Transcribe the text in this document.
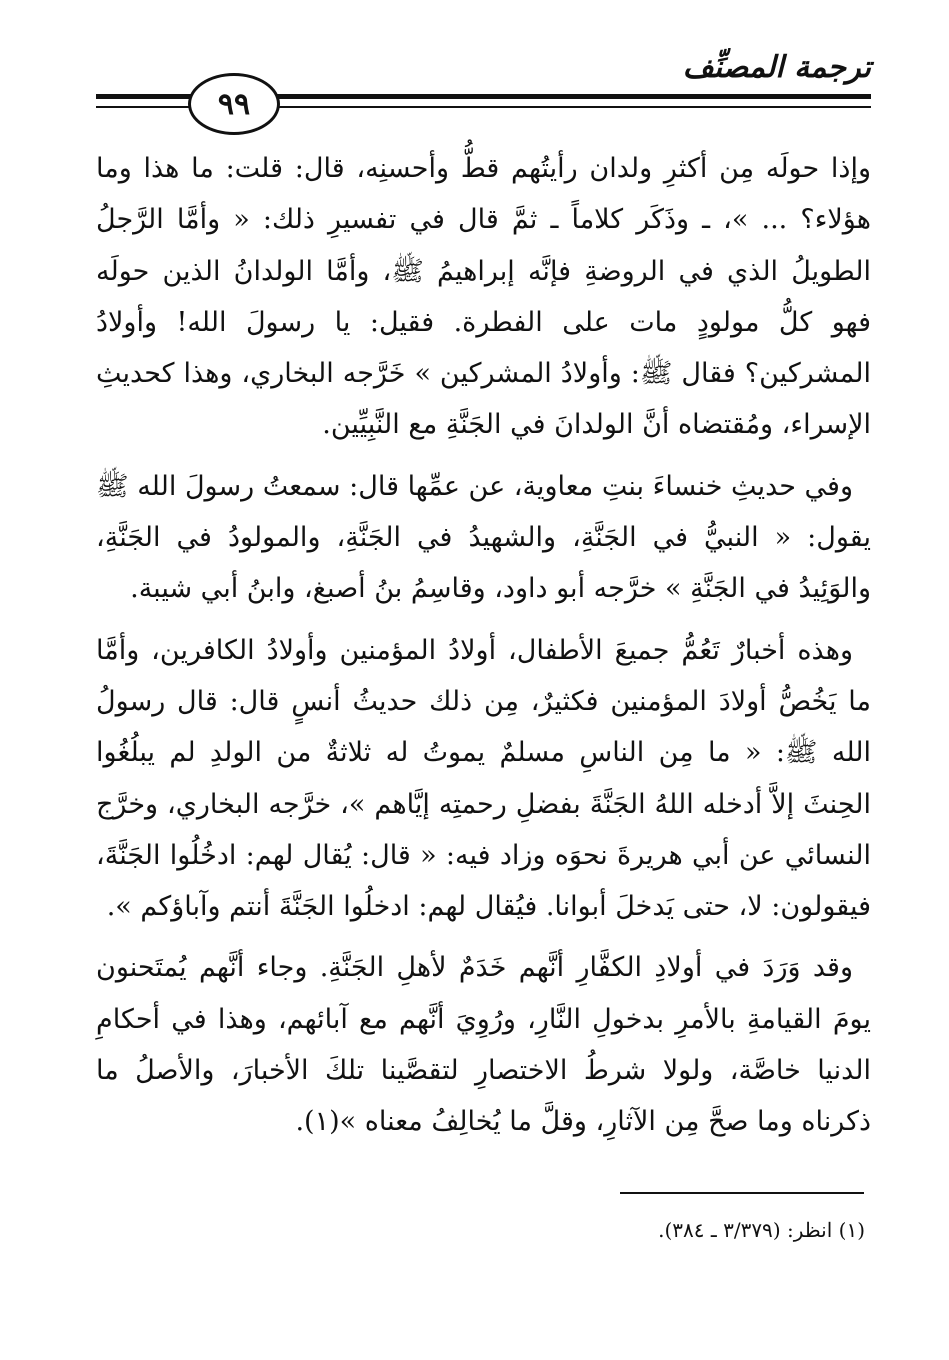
ترجمة المصنِّف
٩٩

وإذا حولَه مِن أكثرِ ولدان رأيتُهم قطُّ وأحسنِه، قال: قلت: ما هذا وما هؤلاء؟ ... »، ـ وذَكَر كلاماً ـ ثمَّ قال في تفسيرِ ذلك: « وأمَّا الرَّجلُ الطويلُ الذي في الروضةِ فإنَّه إبراهيمُ ﷺ، وأمَّا الولدانُ الذين حولَه فهو كلُّ مولودٍ مات على الفطرة. فقيل: يا رسولَ الله! وأولادُ المشركين؟ فقال ﷺ: وأولادُ المشركين » خَرَّجه البخاري، وهذا كحديثِ الإسراء، ومُقتضاه أنَّ الولدانَ في الجَنَّةِ مع النَّبِيِّين.

وفي حديثِ خنساءَ بنتِ معاوية، عن عمِّها قال: سمعتُ رسولَ الله ﷺ يقول: « النبيُّ في الجَنَّةِ، والشهيدُ في الجَنَّةِ، والمولودُ في الجَنَّةِ، والوَئِيدُ في الجَنَّةِ » خرَّجه أبو داود، وقاسِمُ بنُ أصبغ، وابنُ أبي شيبة.

وهذه أخبارٌ تَعُمُّ جميعَ الأطفال، أولادُ المؤمنين وأولادُ الكافرين، وأمَّا ما يَخُصُّ أولادَ المؤمنين فكثيرٌ، مِن ذلك حديثُ أنسٍ قال: قال رسولُ الله ﷺ: « ما مِن الناسِ مسلمٌ يموتُ له ثلاثةٌ من الولدِ لم يبلُغُوا الحِنثَ إلاَّ أدخله اللهُ الجَنَّةَ بفضلِ رحمتِه إيَّاهم »، خرَّجه البخاري، وخرَّج النسائي عن أبي هريرةَ نحوَه وزاد فيه: « قال: يُقال لهم: ادخُلُوا الجَنَّةَ، فيقولون: لا، حتى يَدخلَ أبوانا. فيُقال لهم: ادخلُوا الجَنَّةَ أنتم وآباؤكم ».

وقد وَرَدَ في أولادِ الكفَّارِ أنَّهم خَدَمٌ لأهلِ الجَنَّةِ. وجاء أنَّهم يُمتَحنون يومَ القيامةِ بالأمرِ بدخولِ النَّارِ، ورُوِيَ أنَّهم مع آبائهم، وهذا في أحكامِ الدنيا خاصَّة، ولولا شرطُ الاختصارِ لتقصَّينا تلكَ الأخبارَ، والأصلُ ما ذكرناه وما صحَّ مِن الآثارِ، وقلَّ ما يُخالِفُ معناه »(١).

(١) انظر: (٣/٣٧٩ ـ ٣٨٤).
